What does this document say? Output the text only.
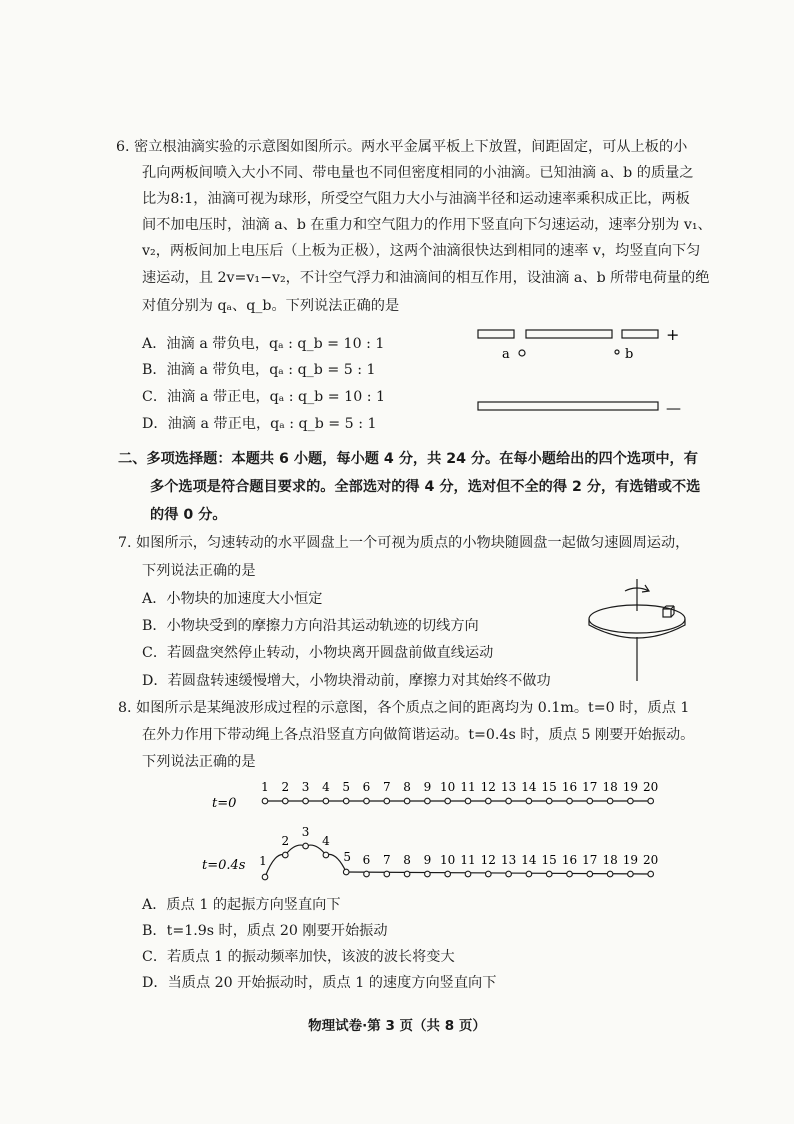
6. 密立根油滴实验的示意图如图所示。两水平金属平板上下放置，间距固定，可从上板的小
孔向两板间喷入大小不同、带电量也不同但密度相同的小油滴。已知油滴 a、b 的质量之
比为8:1，油滴可视为球形，所受空气阻力大小与油滴半径和运动速率乘积成正比，两板
间不加电压时，油滴 a、b 在重力和空气阻力的作用下竖直向下匀速运动，速率分别为 v₁、
v₂，两板间加上电压后（上板为正极），这两个油滴很快达到相同的速率 v，均竖直向下匀
速运动，且 2v=v₁−v₂，不计空气浮力和油滴间的相互作用，设油滴 a、b 所带电荷量的绝
对值分别为 qₐ、q_b。下列说法正确的是
A．油滴 a 带负电，qₐ : q_b = 10 : 1
B．油滴 a 带负电，qₐ : q_b = 5 : 1
C．油滴 a 带正电，qₐ : q_b = 10 : 1
D．油滴 a 带正电，qₐ : q_b = 5 : 1
a	b
+
—
二、多项选择题：本题共 6 小题，每小题 4 分，共 24 分。在每小题给出的四个选项中，有
多个选项是符合题目要求的。全部选对的得 4 分，选对但不全的得 2 分，有选错或不选
的得 0 分。
7. 如图所示，匀速转动的水平圆盘上一个可视为质点的小物块随圆盘一起做匀速圆周运动，
下列说法正确的是
A．小物块的加速度大小恒定
B．小物块受到的摩擦力方向沿其运动轨迹的切线方向
C．若圆盘突然停止转动，小物块离开圆盘前做直线运动
D．若圆盘转速缓慢增大，小物块滑动前，摩擦力对其始终不做功
8. 如图所示是某绳波形成过程的示意图，各个质点之间的距离均为 0.1m。t=0 时，质点 1
在外力作用下带动绳上各点沿竖直方向做简谐运动。t=0.4s 时，质点 5 刚要开始振动。
下列说法正确的是
t=0
t=0.4s
1 2 3 4 5 6 7 8 9 10 11 12 13 14 15 16 17 18 19 20
1
2
3
4
5 6 7 8 9 10 11 12 13 14 15 16 17 18 19 20
A．质点 1 的起振方向竖直向下
B．t=1.9s 时，质点 20 刚要开始振动
C．若质点 1 的振动频率加快，该波的波长将变大
D．当质点 20 开始振动时，质点 1 的速度方向竖直向下
物理试卷·第 3 页（共 8 页）
